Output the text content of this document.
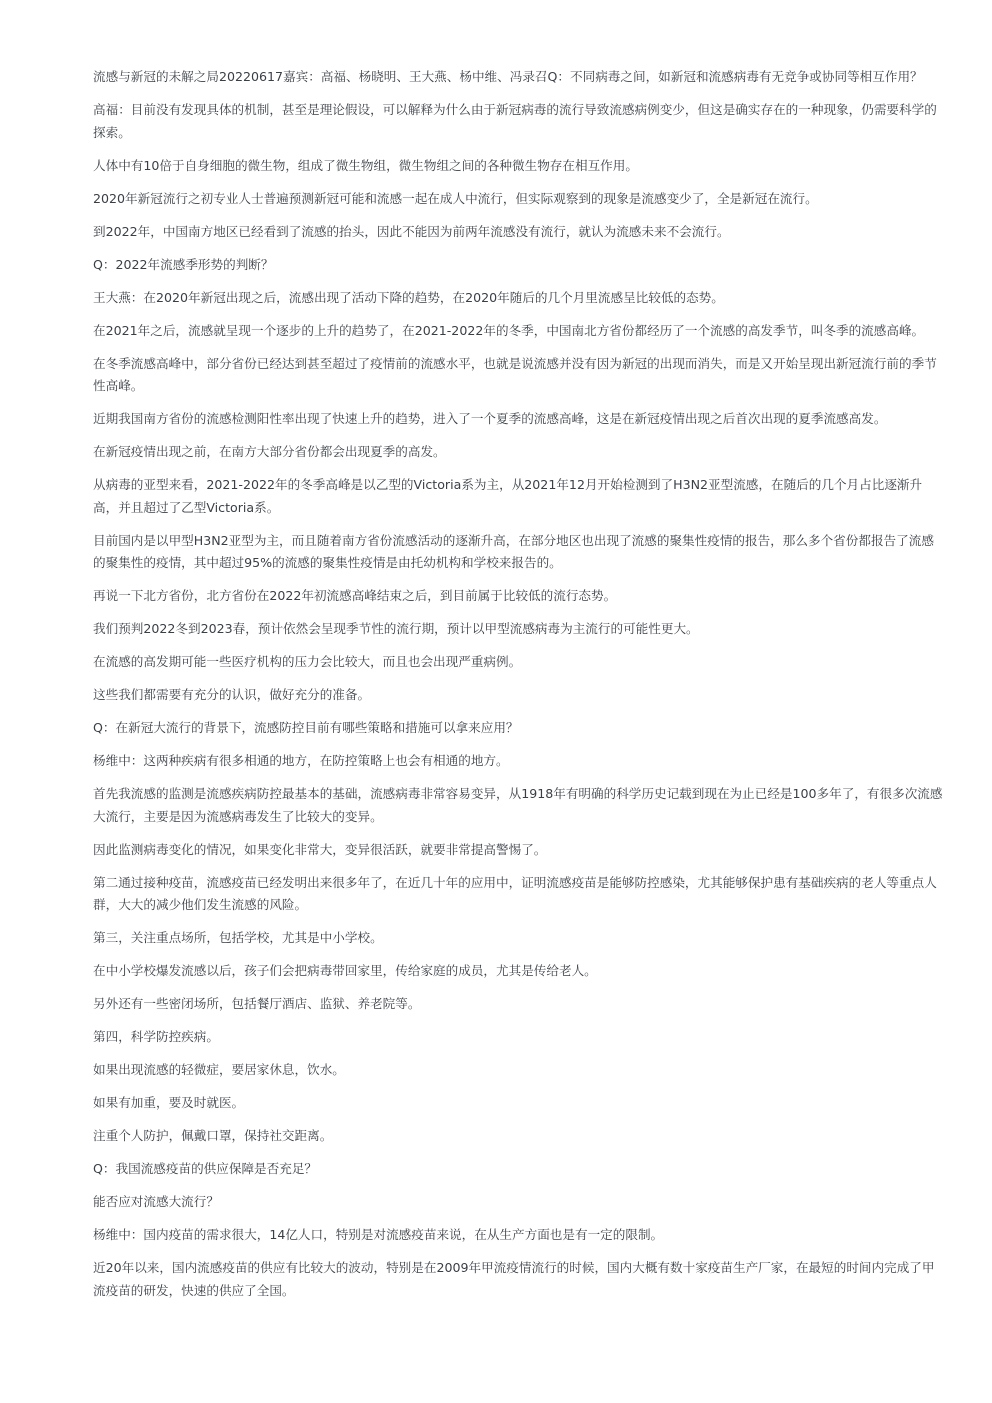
流感与新冠的未解之局20220617嘉宾：高福、杨晓明、王大燕、杨中维、冯录召Q：不同病毒之间，如新冠和流感病毒有无竞争或协同等相互作用？

高福：目前没有发现具体的机制，甚至是理论假设，可以解释为什么由于新冠病毒的流行导致流感病例变少，但这是确实存在的一种现象，仍需要科学的探索。

人体中有10倍于自身细胞的微生物，组成了微生物组，微生物组之间的各种微生物存在相互作用。

2020年新冠流行之初专业人士普遍预测新冠可能和流感一起在成人中流行，但实际观察到的现象是流感变少了，全是新冠在流行。

到2022年，中国南方地区已经看到了流感的抬头，因此不能因为前两年流感没有流行，就认为流感未来不会流行。

Q：2022年流感季形势的判断？

王大燕：在2020年新冠出现之后，流感出现了活动下降的趋势，在2020年随后的几个月里流感呈比较低的态势。

在2021年之后，流感就呈现一个逐步的上升的趋势了，在2021-2022年的冬季，中国南北方省份都经历了一个流感的高发季节，叫冬季的流感高峰。

在冬季流感高峰中，部分省份已经达到甚至超过了疫情前的流感水平，也就是说流感并没有因为新冠的出现而消失，而是又开始呈现出新冠流行前的季节性高峰。

近期我国南方省份的流感检测阳性率出现了快速上升的趋势，进入了一个夏季的流感高峰，这是在新冠疫情出现之后首次出现的夏季流感高发。

在新冠疫情出现之前，在南方大部分省份都会出现夏季的高发。

从病毒的亚型来看，2021-2022年的冬季高峰是以乙型的Victoria系为主，从2021年12月开始检测到了H3N2亚型流感，在随后的几个月占比逐渐升高，并且超过了乙型Victoria系。

目前国内是以甲型H3N2亚型为主，而且随着南方省份流感活动的逐渐升高，在部分地区也出现了流感的聚集性疫情的报告，那么多个省份都报告了流感的聚集性的疫情，其中超过95%的流感的聚集性疫情是由托幼机构和学校来报告的。

再说一下北方省份，北方省份在2022年初流感高峰结束之后，到目前属于比较低的流行态势。

我们预判2022冬到2023春，预计依然会呈现季节性的流行期，预计以甲型流感病毒为主流行的可能性更大。

在流感的高发期可能一些医疗机构的压力会比较大，而且也会出现严重病例。

这些我们都需要有充分的认识，做好充分的准备。

Q：在新冠大流行的背景下，流感防控目前有哪些策略和措施可以拿来应用？

杨维中：这两种疾病有很多相通的地方，在防控策略上也会有相通的地方。

首先我流感的监测是流感疾病防控最基本的基础，流感病毒非常容易变异，从1918年有明确的科学历史记载到现在为止已经是100多年了，有很多次流感大流行，主要是因为流感病毒发生了比较大的变异。

因此监测病毒变化的情况，如果变化非常大，变异很活跃，就要非常提高警惕了。

第二通过接种疫苗，流感疫苗已经发明出来很多年了，在近几十年的应用中，证明流感疫苗是能够防控感染，尤其能够保护患有基础疾病的老人等重点人群，大大的减少他们发生流感的风险。

第三，关注重点场所，包括学校，尤其是中小学校。

在中小学校爆发流感以后，孩子们会把病毒带回家里，传给家庭的成员，尤其是传给老人。

另外还有一些密闭场所，包括餐厅酒店、监狱、养老院等。

第四，科学防控疾病。

如果出现流感的轻微症，要居家休息，饮水。

如果有加重，要及时就医。

注重个人防护，佩戴口罩，保持社交距离。

Q：我国流感疫苗的供应保障是否充足？

能否应对流感大流行？

杨维中：国内疫苗的需求很大，14亿人口，特别是对流感疫苗来说，在从生产方面也是有一定的限制。

近20年以来，国内流感疫苗的供应有比较大的波动，特别是在2009年甲流疫情流行的时候，国内大概有数十家疫苗生产厂家，在最短的时间内完成了甲流疫苗的研发，快速的供应了全国。
